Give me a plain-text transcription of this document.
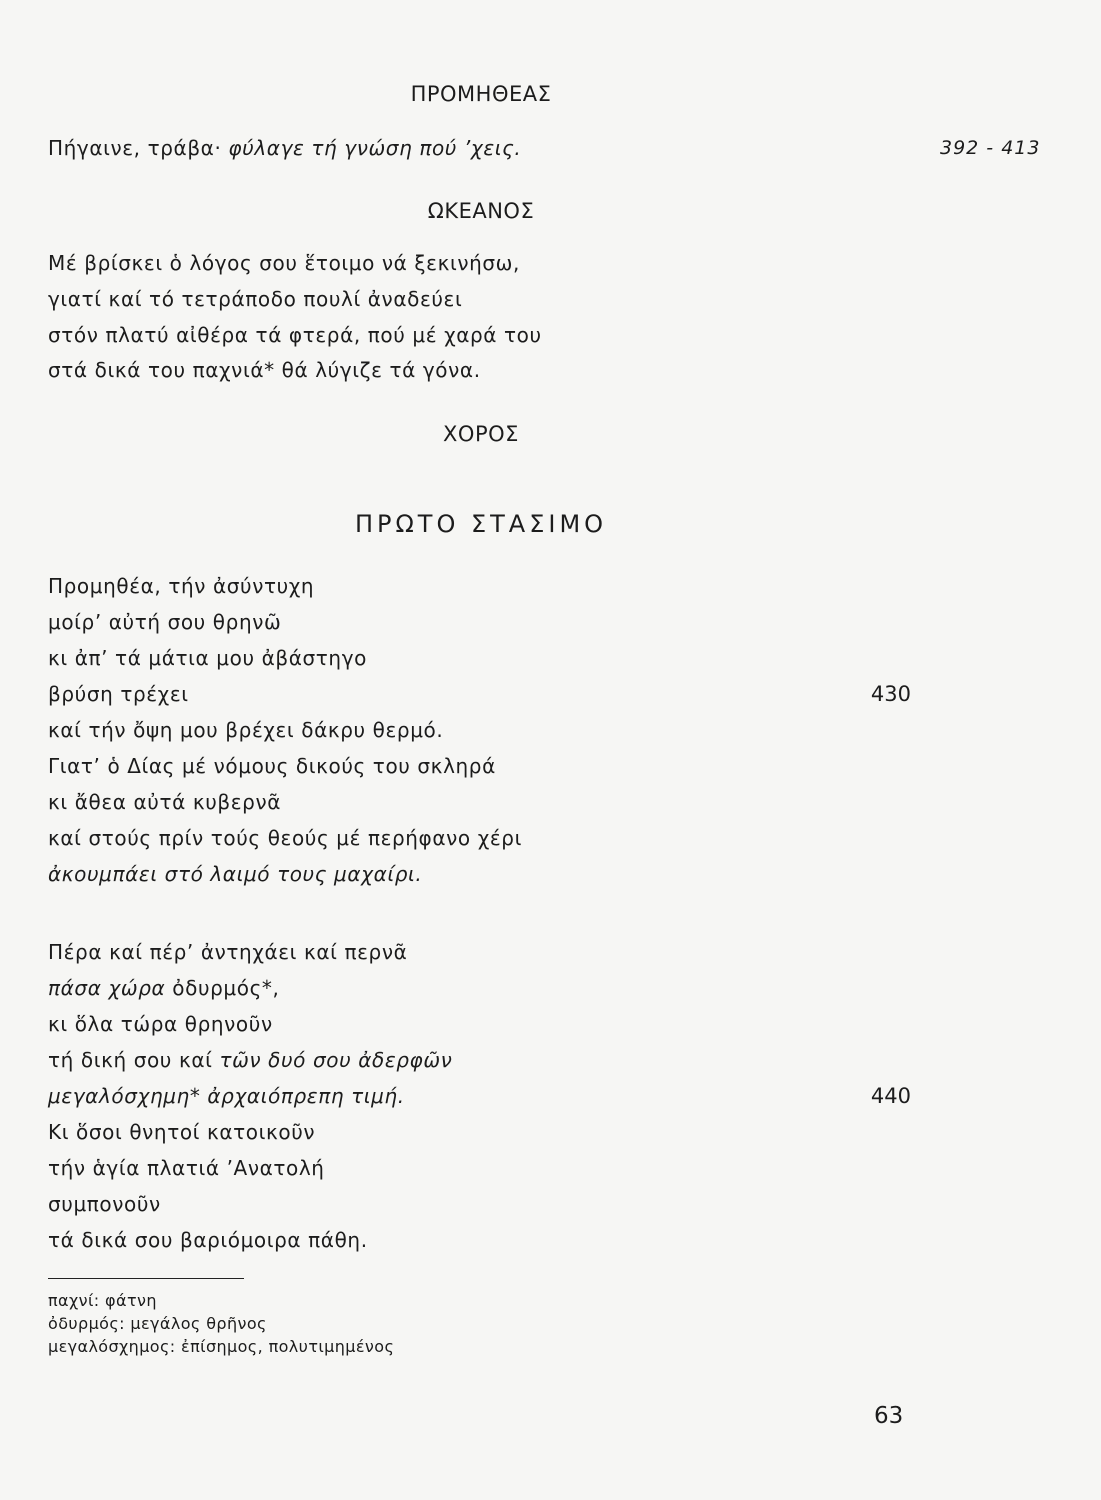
ΠΡΟΜΗΘΕΑΣ
Πήγαινε, τράβα· φύλαγε τή γνώση πού ’χεις.	392 - 413
ΩΚΕΑΝΟΣ
Μέ βρίσκει ὁ λόγος σου ἕτοιμο νά ξεκινήσω,
γιατί καί τό τετράποδο πουλί ἀναδεύει
στόν πλατύ αἰθέρα τά φτερά, πού μέ χαρά του
στά δικά του παχνιά* θά λύγιζε τά γόνα.
ΧΟΡΟΣ
ΠΡΩΤΟ ΣΤΑΣΙΜΟ
Προμηθέα, τήν ἀσύντυχη
μοίρ’ αὐτή σου θρηνῶ
κι ἀπ’ τά μάτια μου ἀβάστηγο
βρύση τρέχει	430
καί τήν ὄψη μου βρέχει δάκρυ θερμό.
Γιατ’ ὁ Δίας μέ νόμους δικούς του σκληρά
κι ἄθεα αὐτά κυβερνᾶ
καί στούς πρίν τούς θεούς μέ περήφανο χέρι
ἀκουμπάει στό λαιμό τους μαχαίρι.
Πέρα καί πέρ’ ἀντηχάει καί περνᾶ
πάσα χώρα ὀδυρμός*,
κι ὅλα τώρα θρηνοῦν
τή δική σου καί τῶν δυό σου ἀδερφῶν
μεγαλόσχημη* ἀρχαιόπρεπη τιμή.	440
Κι ὅσοι θνητοί κατοικοῦν
τήν ἁγία πλατιά ’Ανατολή
συμπονοῦν
τά δικά σου βαριόμοιρα πάθη.
παχνί: φάτνη
ὀδυρμός: μεγάλος θρῆνος
μεγαλόσχημος: ἐπίσημος, πολυτιμημένος
63
